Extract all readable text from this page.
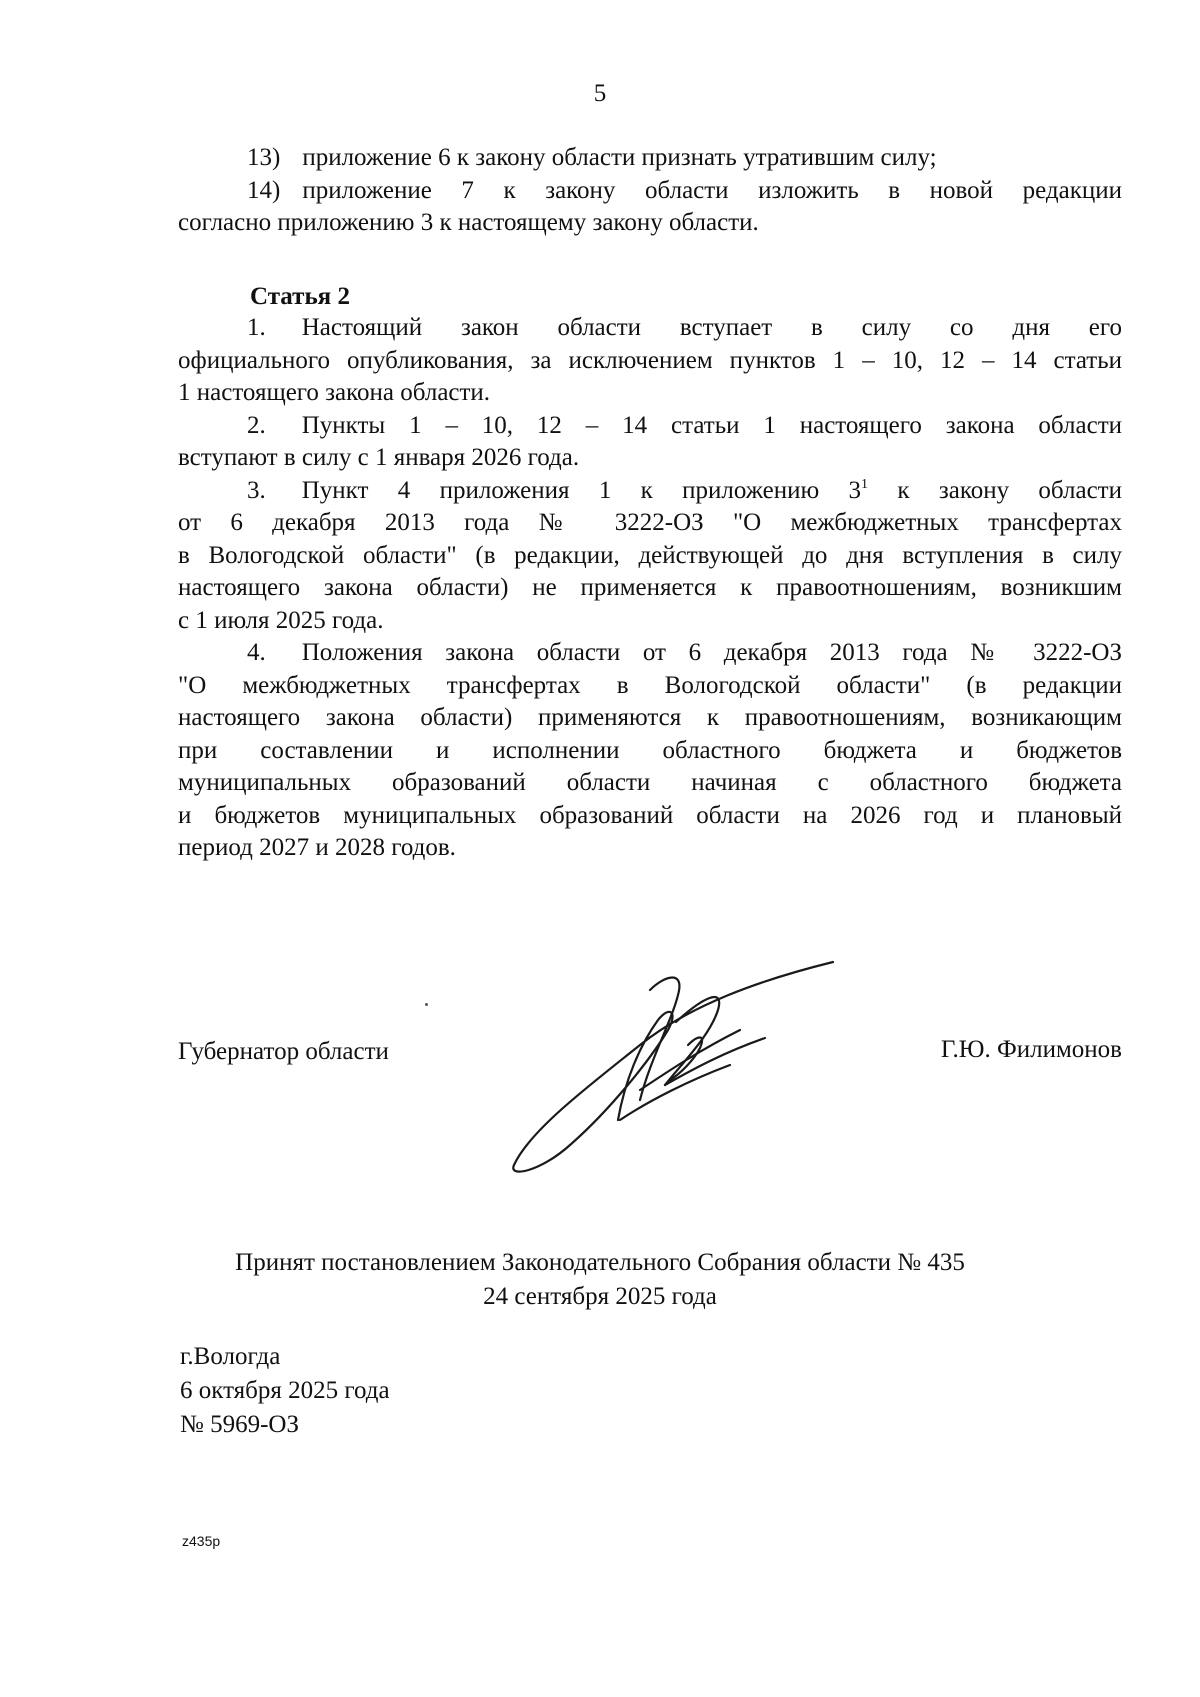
5

13) приложение 6 к закону области признать утратившим силу;

14) приложение 7 к закону области изложить в новой редакции

согласно приложению 3 к настоящему закону области.

Статья 2

1. Настоящий закон области вступает в силу со дня его

официального опубликования, за исключением пунктов 1 – 10, 12 – 14 статьи

1 настоящего закона области.

2. Пункты 1 – 10, 12 – 14 статьи 1 настоящего закона области

вступают в силу с 1 января 2026 года.

3. Пункт 4 приложения 1 к приложению $3^1$ к закону области

от 6 декабря 2013 года № 3222-ОЗ "О межбюджетных трансфертах

в Вологодской области" (в редакции, действующей до дня вступления в силу

настоящего закона области) не применяется к правоотношениям, возникшим

с 1 июля 2025 года.

4. Положения закона области от 6 декабря 2013 года № 3222-ОЗ

"О межбюджетных трансфертах в Вологодской области" (в редакции

настоящего закона области) применяются к правоотношениям, возникающим

при составлении и исполнении областного бюджета и бюджетов

муниципальных образований области начиная с областного бюджета

и бюджетов муниципальных образований области на 2026 год и плановый

период 2027 и 2028 годов.

Губернатор области	Г.Ю. Филимонов
Принят постановлением Законодательного Собрания области № 435
24 сентября 2025 года
г.Вологда
6 октября 2025 года
№ 5969-ОЗ
z435p
